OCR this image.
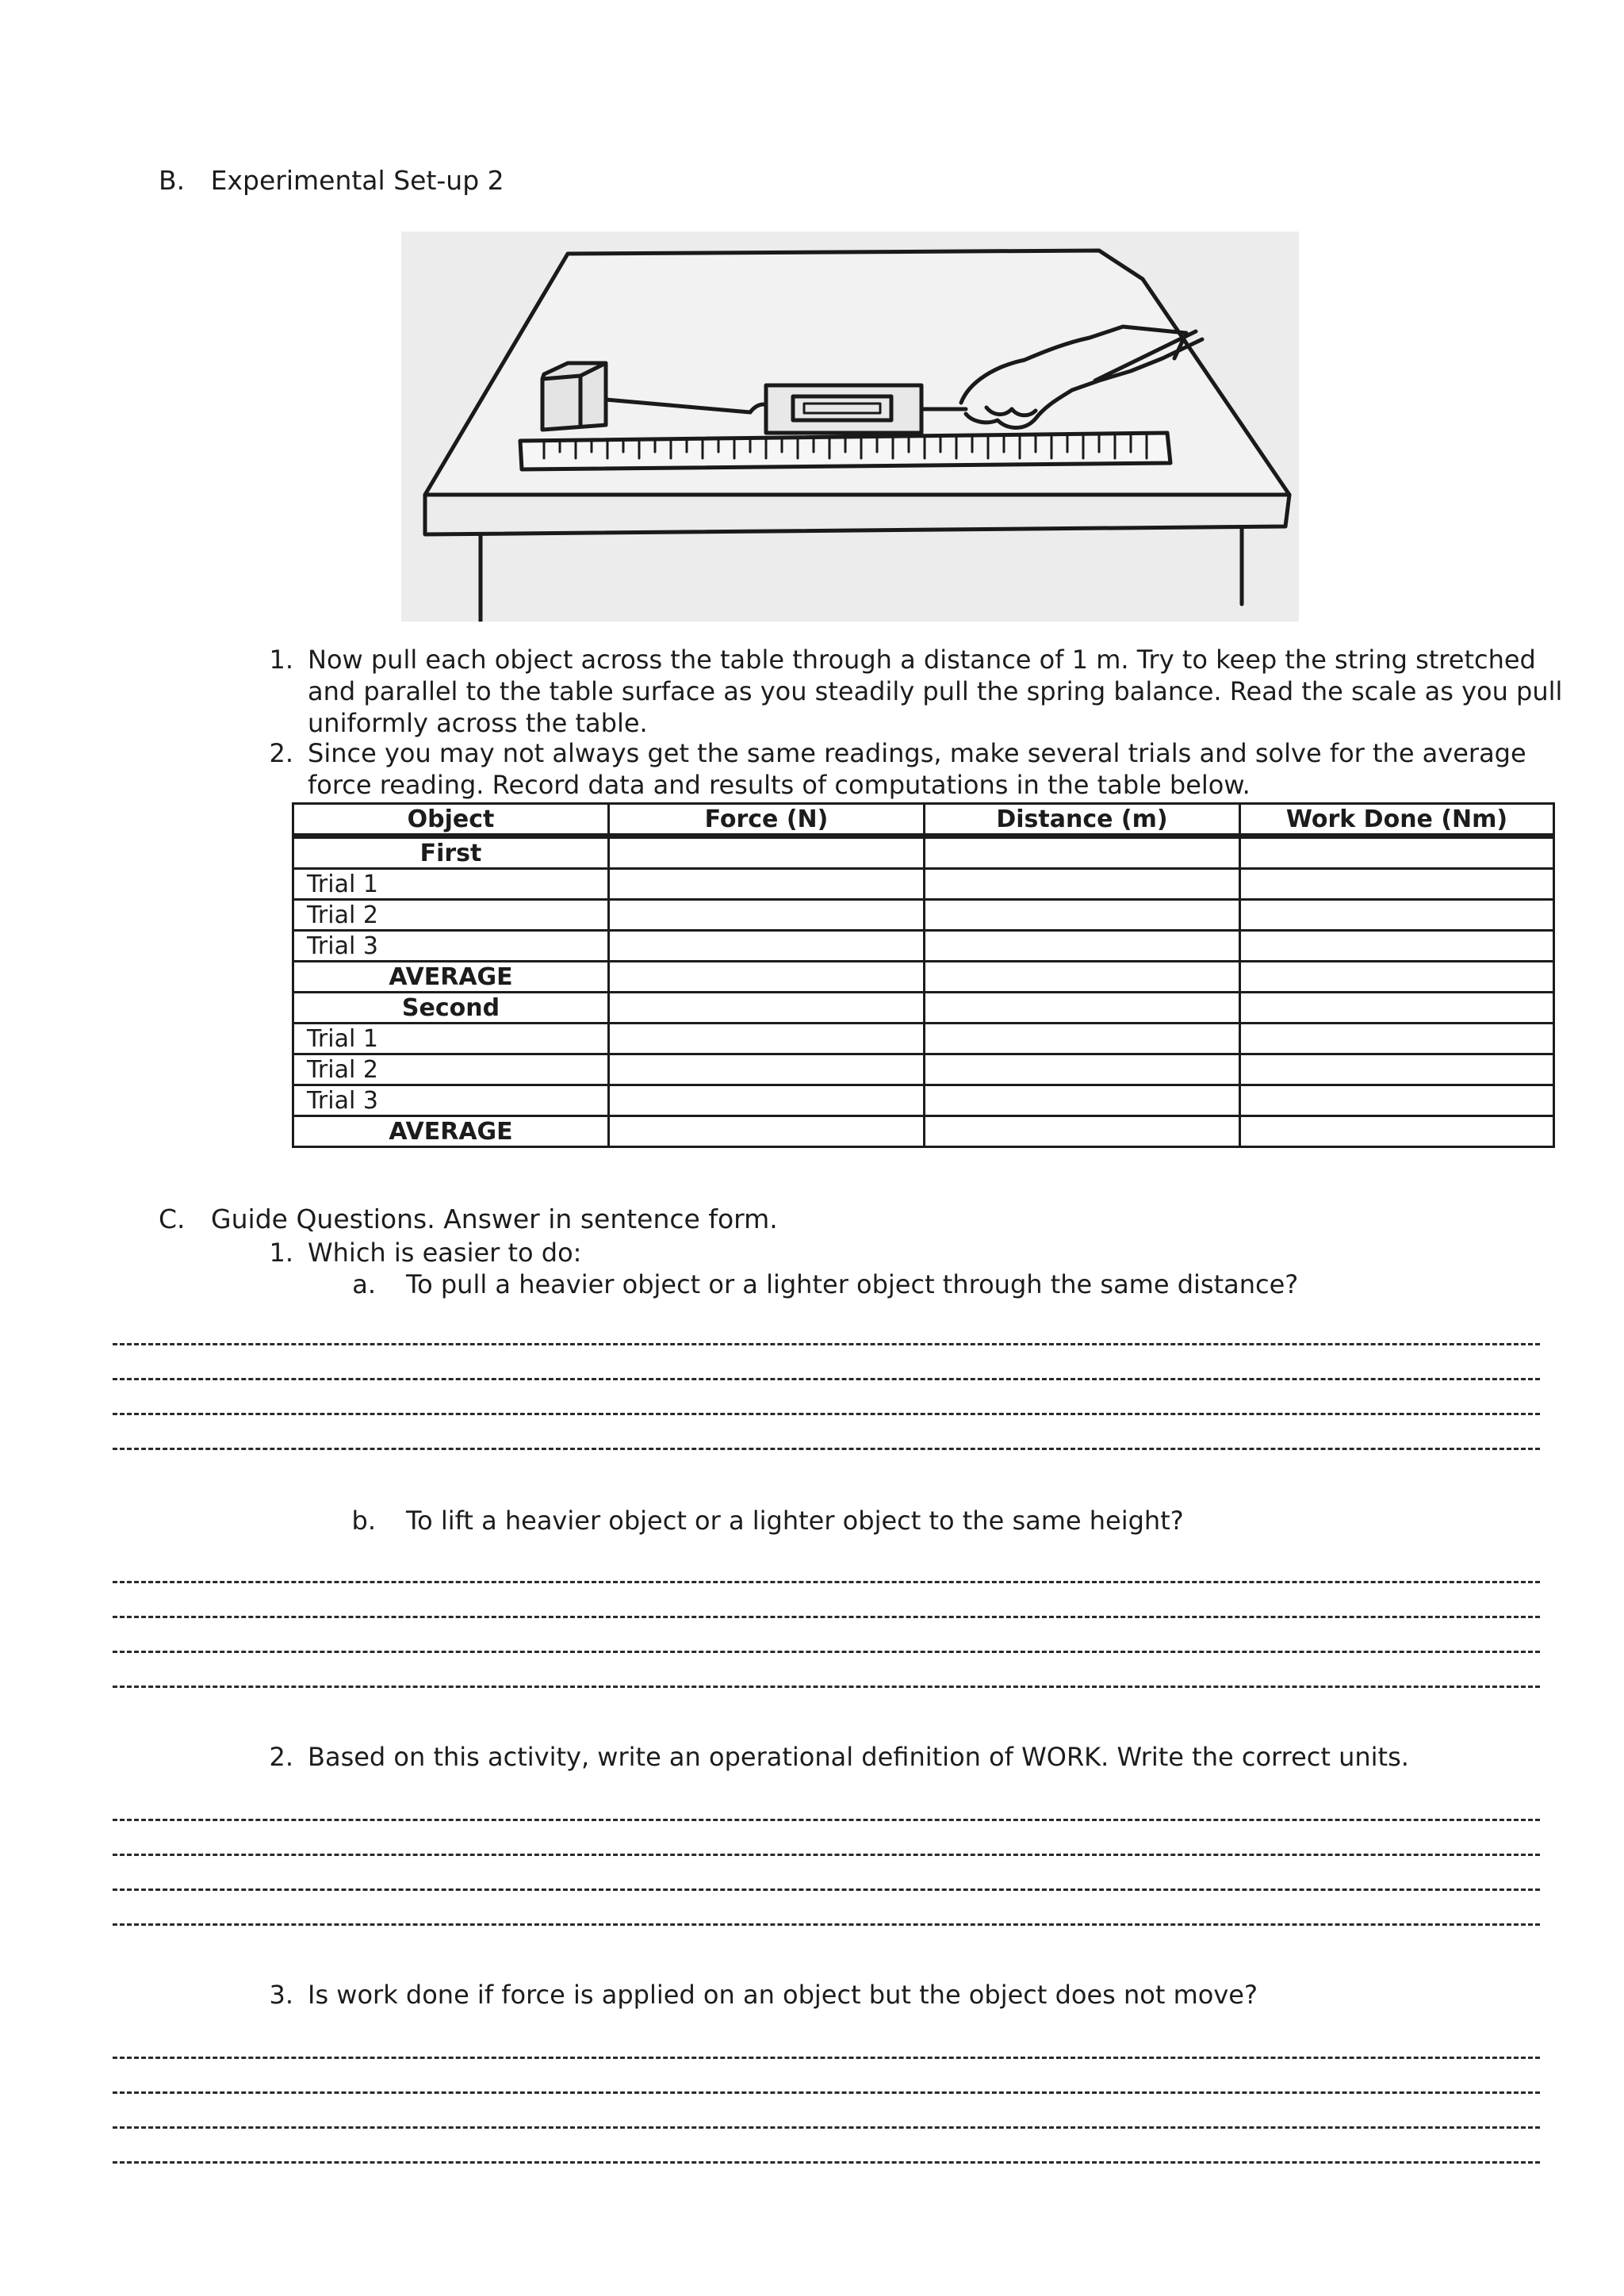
B. Experimental Set-up 2
1. Now pull each object across the table through a distance of 1 m. Try to keep the string stretched
and parallel to the table surface as you steadily pull the spring balance. Read the scale as you pull
uniformly across the table.
2. Since you may not always get the same readings, make several trials and solve for the average
force reading. Record data and results of computations in the table below.
Object	Force (N)	Distance (m)	Work Done (Nm)
First			
Trial 1			
Trial 2			
Trial 3			
AVERAGE			
Second			
Trial 1			
Trial 2			
Trial 3			
AVERAGE			
C. Guide Questions. Answer in sentence form.
1. Which is easier to do:
a. To pull a heavier object or a lighter object through the same distance?
b. To lift a heavier object or a lighter object to the same height?
2. Based on this activity, write an operational definition of WORK. Write the correct units.
3. Is work done if force is applied on an object but the object does not move?
